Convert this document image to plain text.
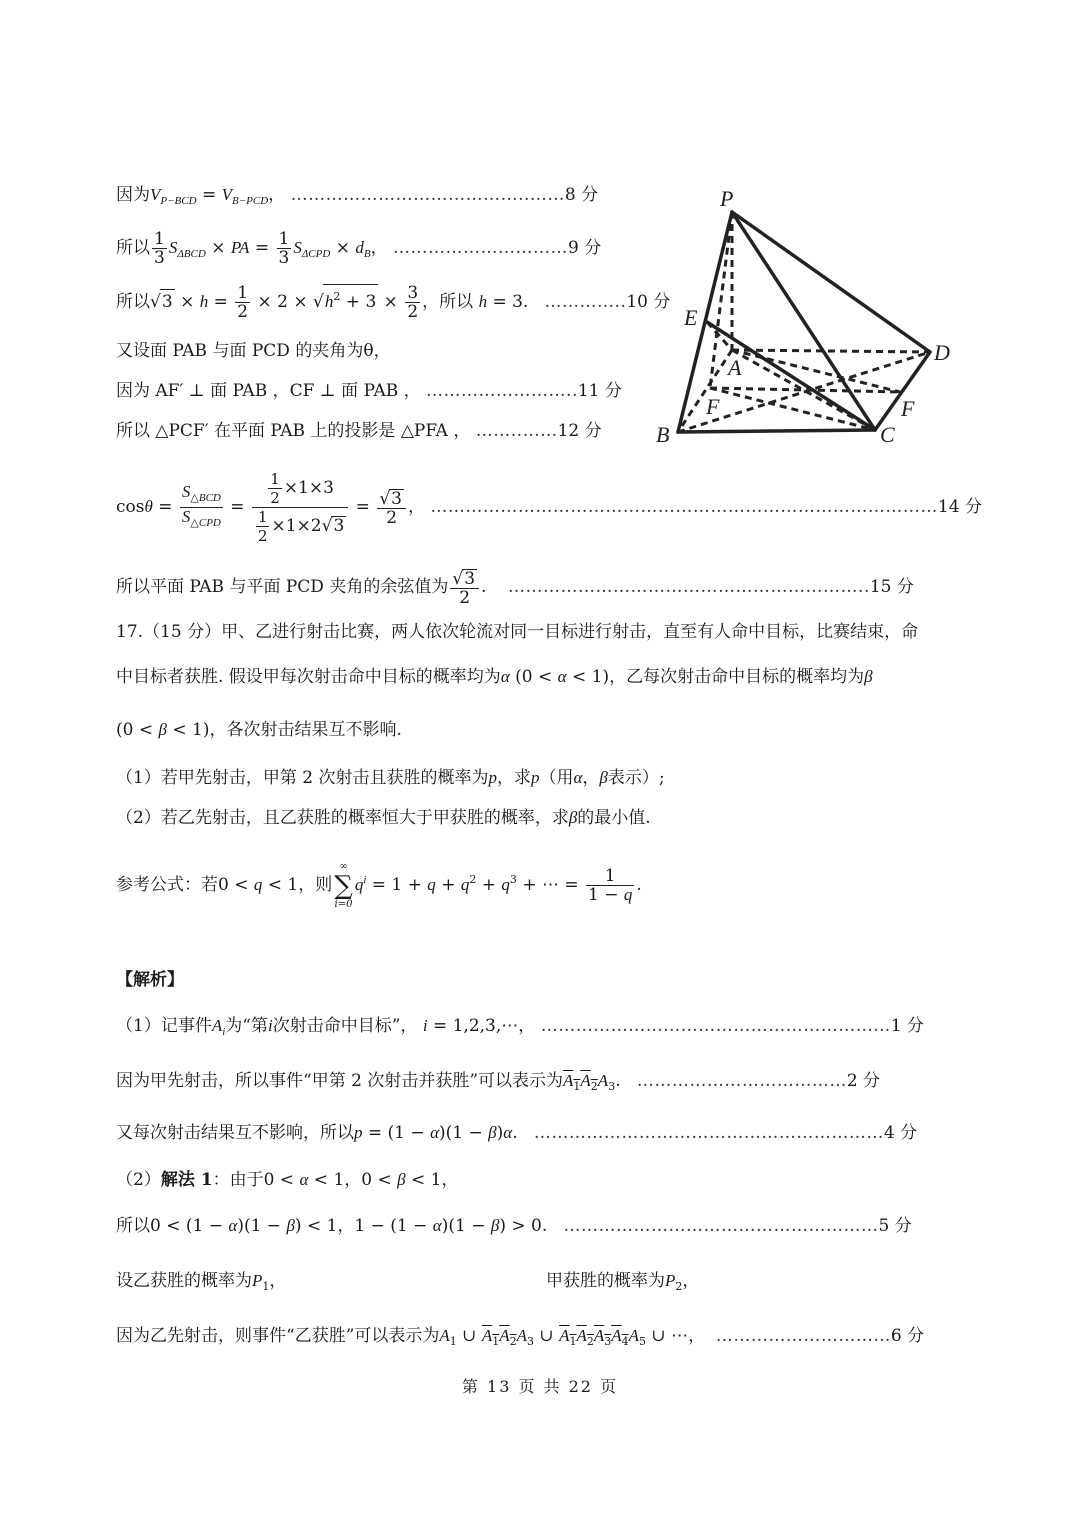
因为$V_{P-BCD} = V_{B-PCD}$， …………………………………..……8 分
所以 $\frac{1}{3} S_{\Delta BCD}$ × PA = $\frac{1}{3} S_{\Delta CPD} \times d_B$， …………………………9 分
所以$√3 \times h = \frac{1}{2} \times 2 \times √h^2 + 3 \times \frac{3}{2}$ ，所以 h = 3.   …………..10 分
又设面 PAB 与面 PCD 的夹角为θ，
因为 AF′ ⊥ 面 PAB ，CF ⊥ 面 PAB ， ……………………..11 分
所以 △PCF′ 在平面 PAB 上的投影是 △PFA ， ……..……12 分
$\cos\theta = \frac{S_{\triangle BCD}}{S_{\triangle CPD}} = \frac{\frac{1}{2} \times 1\times 3}{\frac{1}{2} \times 1\times 2√3} = \frac{√3}{2}$ ， ……………………………………………………………………………14 分
所以平面 PAB 与平面 PCD 夹角的余弦值为 $\frac{√3}{2}$ .    ……………………………………………………..15 分
17.（15 分）甲、乙进行射击比赛，两人依次轮流对同一目标进行射击，直至有人命中目标，比赛结束，命
中目标者获胜. 假设甲每次射击命中目标的概率均为α (0 < α < 1)，乙每次射击命中目标的概率均为β
(0 < β < 1)，各次射击结果互不影响.
（1）若甲先射击，甲第 2 次射击且获胜的概率为p，求p（用α，β表示）;
（2）若乙先射击，且乙获胜的概率恒大于甲获胜的概率，求β的最小值.
参考公式：若0 < q < 1，则
∞
∑
i=0
$q^i = 1 + q + q^2 + q^3$ + ⋯ = $\frac{1}{1 - q}$ .
【解析】
（1）记事件$A_i$为“第i次射击命中目标”， i = 1,2,3,⋯， ……………………………………………………1 分
因为甲先射击，所以事件“甲第 2 次射击并获胜”可以表示为$A_1A_2A_3$.   ………………………………2 分
又每次射击结果互不影响，所以p = (1 − α)(1 − β)α.   ……………………………………………………4 分
（2）解法 1：由于0 < α < 1，0 < β < 1，
所以0 < (1 − α)(1 − β) < 1，1 − (1 − α)(1 − β) > 0.   ………………………………………………5 分
设乙获胜的概率为$P_1$，	甲获胜的概率为$P_2$，
因为乙先射击，则事件“乙获胜”可以表示为$A_1$ ∪ $A_1A_2A_3$ ∪ $A_1A_2A_3A_4A_5$ ∪ ⋯，  …………………………6 分
P
E
A
D
F	F
B	C
第 13 页 共 22 页
